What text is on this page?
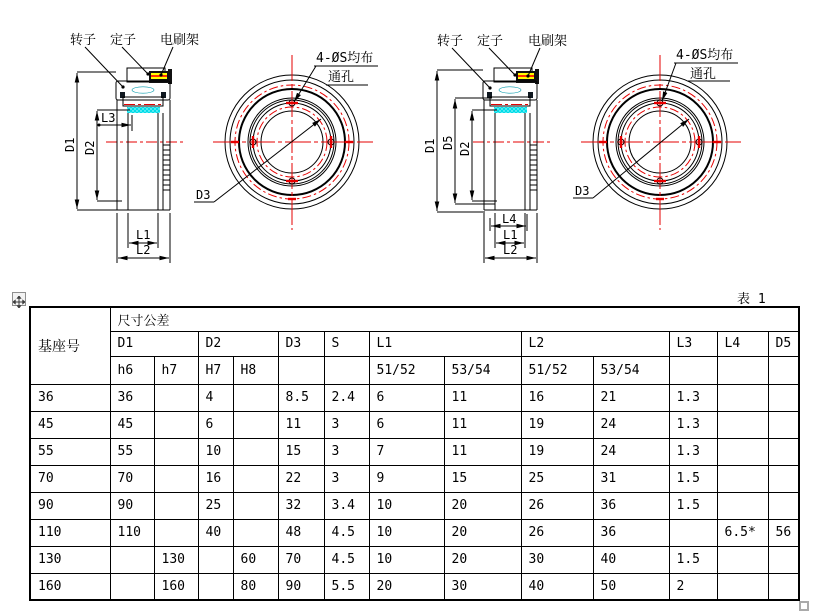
转子 定子 电刷架
D1 D2
L3
L1
L2
4-ØS均布
通孔
D3
转子 定子 电刷架
D1 D5 D2
L4
L1
L2
4-ØS均布
通孔
D3
表 1
基座号	尺寸公差												
	D1		D2		D3	S	L1		L2		L3	L4	D5
	h6	h7	H7	H8			51/52	53/54	51/52	53/54			
36	36		4		8.5	2.4	6	11	16	21	1.3		
45	45		6		11	3	6	11	19	24	1.3		
55	55		10		15	3	7	11	19	24	1.3		
70	70		16		22	3	9	15	25	31	1.5		
90	90		25		32	3.4	10	20	26	36	1.5		
110	110		40		48	4.5	10	20	26	36		6.5*	56
130		130		60	70	4.5	10	20	30	40	1.5		
160		160		80	90	5.5	20	30	40	50	2		
